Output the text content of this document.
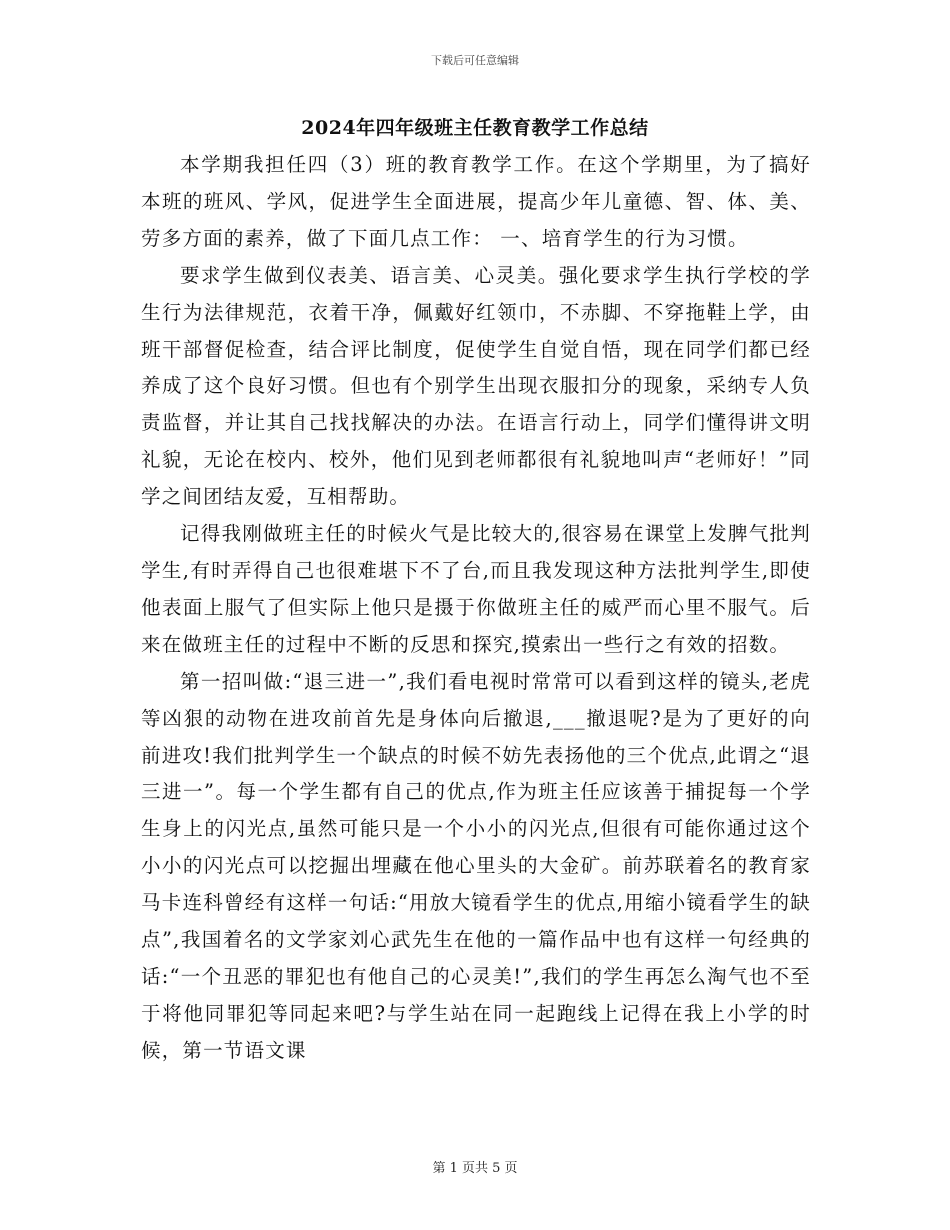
下载后可任意编辑
2024年四年级班主任教育教学工作总结

本学期我担任四（3）班的教育教学工作。在这个学期里，为了搞好本班的班风、学风，促进学生全面进展，提高少年儿童德、智、体、美、劳多方面的素养，做了下面几点工作： 一、培育学生的行为习惯。

要求学生做到仪表美、语言美、心灵美。强化要求学生执行学校的学生行为法律规范，衣着干净，佩戴好红领巾，不赤脚、不穿拖鞋上学，由班干部督促检查，结合评比制度，促使学生自觉自悟，现在同学们都已经养成了这个良好习惯。但也有个别学生出现衣服扣分的现象，采纳专人负责监督，并让其自己找找解决的办法。在语言行动上，同学们懂得讲文明礼貌，无论在校内、校外，他们见到老师都很有礼貌地叫声“老师好！”同学之间团结友爱，互相帮助。

记得我刚做班主任的时候火气是比较大的,很容易在课堂上发脾气批判学生,有时弄得自己也很难堪下不了台,而且我发现这种方法批判学生,即使他表面上服气了但实际上他只是摄于你做班主任的威严而心里不服气。后来在做班主任的过程中不断的反思和探究,摸索出一些行之有效的招数。

第一招叫做:“退三进一”,我们看电视时常常可以看到这样的镜头,老虎等凶狠的动物在进攻前首先是身体向后撤退,___撤退呢?是为了更好的向前进攻!我们批判学生一个缺点的时候不妨先表扬他的三个优点,此谓之“退三进一”。每一个学生都有自己的优点,作为班主任应该善于捕捉每一个学生身上的闪光点,虽然可能只是一个小小的闪光点,但很有可能你通过这个小小的闪光点可以挖掘出埋藏在他心里头的大金矿。前苏联着名的教育家马卡连科曾经有这样一句话:“用放大镜看学生的优点,用缩小镜看学生的缺点”,我国着名的文学家刘心武先生在他的一篇作品中也有这样一句经典的话:“一个丑恶的罪犯也有他自己的心灵美!”,我们的学生再怎么淘气也不至于将他同罪犯等同起来吧?与学生站在同一起跑线上记得在我上小学的时候，第一节语文课

第 1 页共 5 页
